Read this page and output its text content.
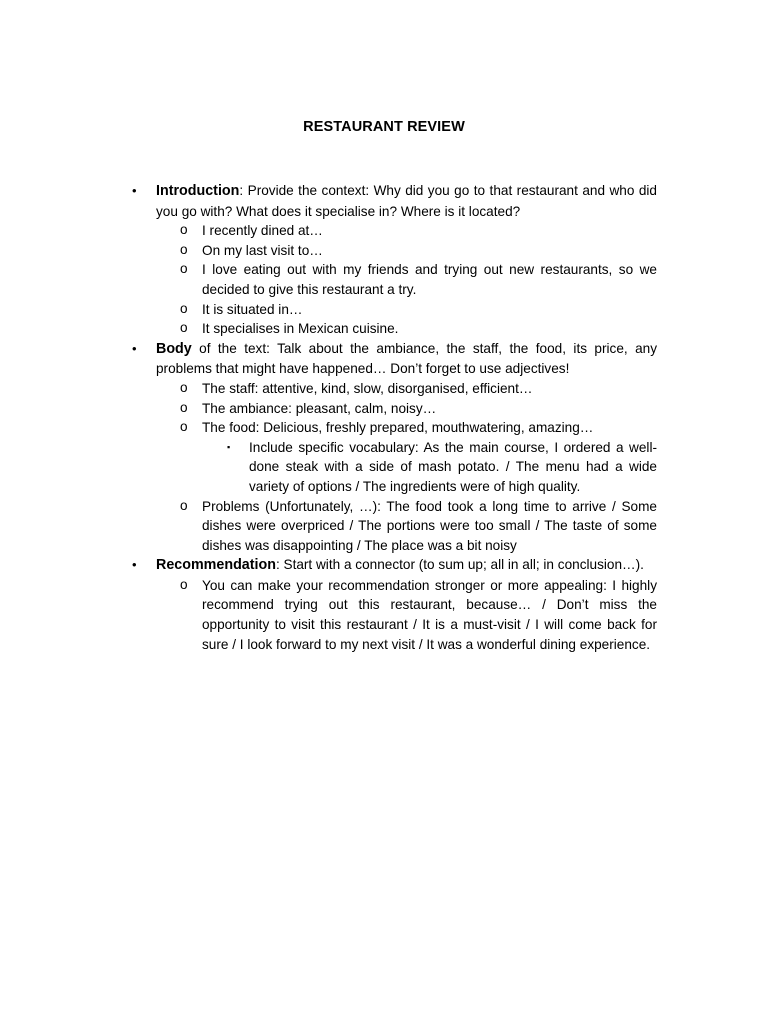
RESTAURANT REVIEW
• Introduction: Provide the context: Why did you go to that restaurant and who did you go with? What does it specialise in? Where is it located?
o I recently dined at…
o On my last visit to…
o I love eating out with my friends and trying out new restaurants, so we decided to give this restaurant a try.
o It is situated in…
o It specialises in Mexican cuisine.
• Body of the text: Talk about the ambiance, the staff, the food, its price, any problems that might have happened… Don’t forget to use adjectives!
o The staff: attentive, kind, slow, disorganised, efficient…
o The ambiance: pleasant, calm, noisy…
o The food: Delicious, freshly prepared, mouthwatering, amazing…
▪ Include specific vocabulary: As the main course, I ordered a well-done steak with a side of mash potato. / The menu had a wide variety of options / The ingredients were of high quality.
o Problems (Unfortunately, …): The food took a long time to arrive / Some dishes were overpriced / The portions were too small / The taste of some dishes was disappointing / The place was a bit noisy
• Recommendation: Start with a connector (to sum up; all in all; in conclusion…).
o You can make your recommendation stronger or more appealing: I highly recommend trying out this restaurant, because… / Don’t miss the opportunity to visit this restaurant / It is a must-visit / I will come back for sure / I look forward to my next visit / It was a wonderful dining experience.
